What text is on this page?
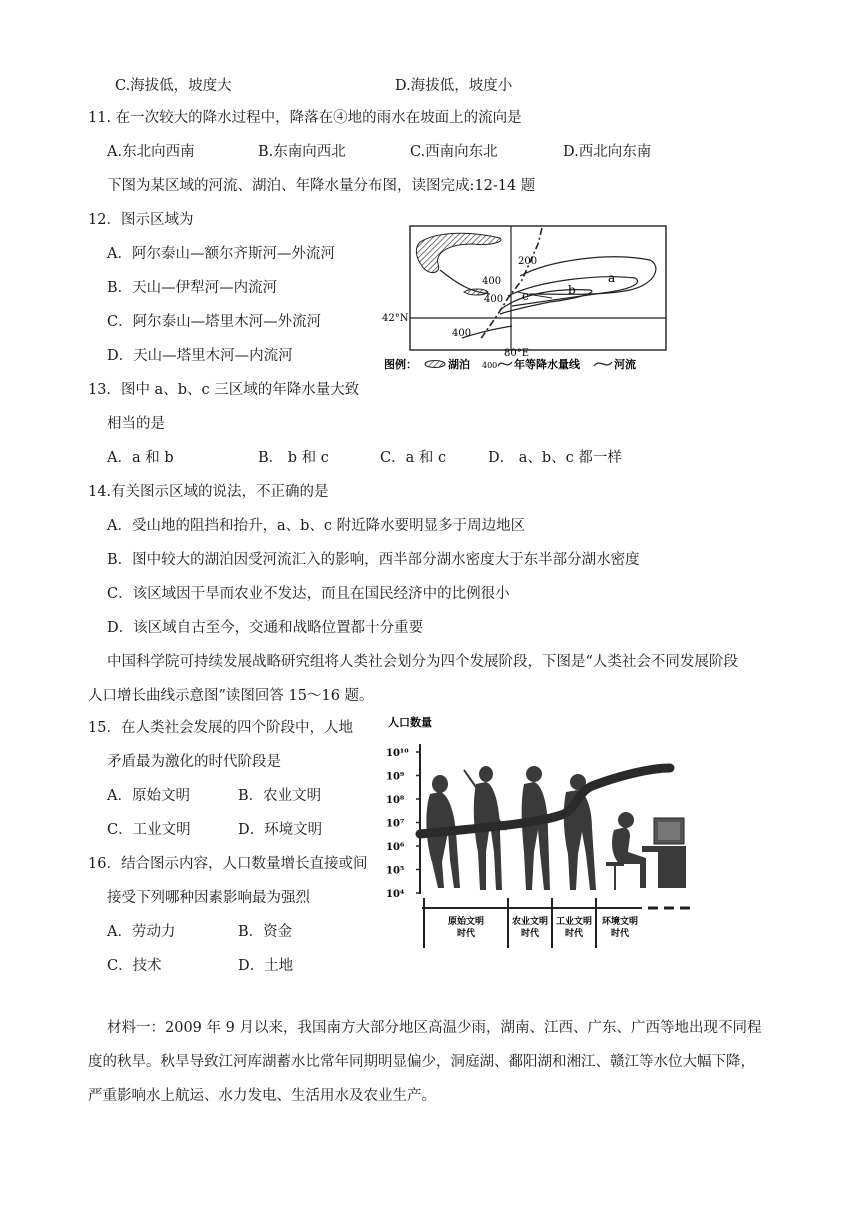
C.海拔低，坡度大	D.海拔低，坡度小
11. 在一次较大的降水过程中，降落在④地的雨水在坡面上的流向是
A.东北向西南	B.东南向西北	C.西南向东北	D.西北向东南
下图为某区域的河流、湖泊、年降水量分布图，读图完成:12-14 题
12．图示区域为
A．阿尔泰山—额尔齐斯河—外流河
B．天山—伊犁河—内流河
C．阿尔泰山—塔里木河—外流河
D．天山—塔里木河—内流河
13．图中 a、b、c 三区域的年降水量大致
相当的是
A．a 和 b	B． b 和 c	C．a 和 c	D． a、b、c 都一样
14.有关图示区域的说法，不正确的是
A．受山地的阻挡和抬升，a、b、c 附近降水要明显多于周边地区
B．图中较大的湖泊因受河流汇入的影响，西半部分湖水密度大于东半部分湖水密度
C．该区域因干旱而农业不发达，而且在国民经济中的比例很小
D．该区域自古至今，交通和战略位置都十分重要
中国科学院可持续发展战略研究组将人类社会划分为四个发展阶段，下图是“人类社会不同发展阶段
人口增长曲线示意图”读图回答 15～16 题。
15．在人类社会发展的四个阶段中，人地
矛盾最为激化的时代阶段是
A．原始文明	B．农业文明
C．工业文明	D．环境文明
16．结合图示内容，人口数量增长直接或间
接受下列哪种因素影响最为强烈
A．劳动力	B．资金
C．技术	D．土地
材料一：2009 年 9 月以来，我国南方大部分地区高温少雨，湖南、江西、广东、广西等地出现不同程
度的秋旱。秋旱导致江河库湖蓄水比常年同期明显偏少，洞庭湖、鄱阳湖和湘江、赣江等水位大幅下降，
严重影响水上航运、水力发电、生活用水及农业生产。
200
400
400
400
a
b
c
42°N
80°E
图例：	湖泊 400 年等降水量线	河流
人口数量
10¹⁰
10⁹
10⁸
10⁷
10⁶
10⁵
10⁴
原始文明
时代
农业文明
时代
工业文明
时代
环境文明
时代
